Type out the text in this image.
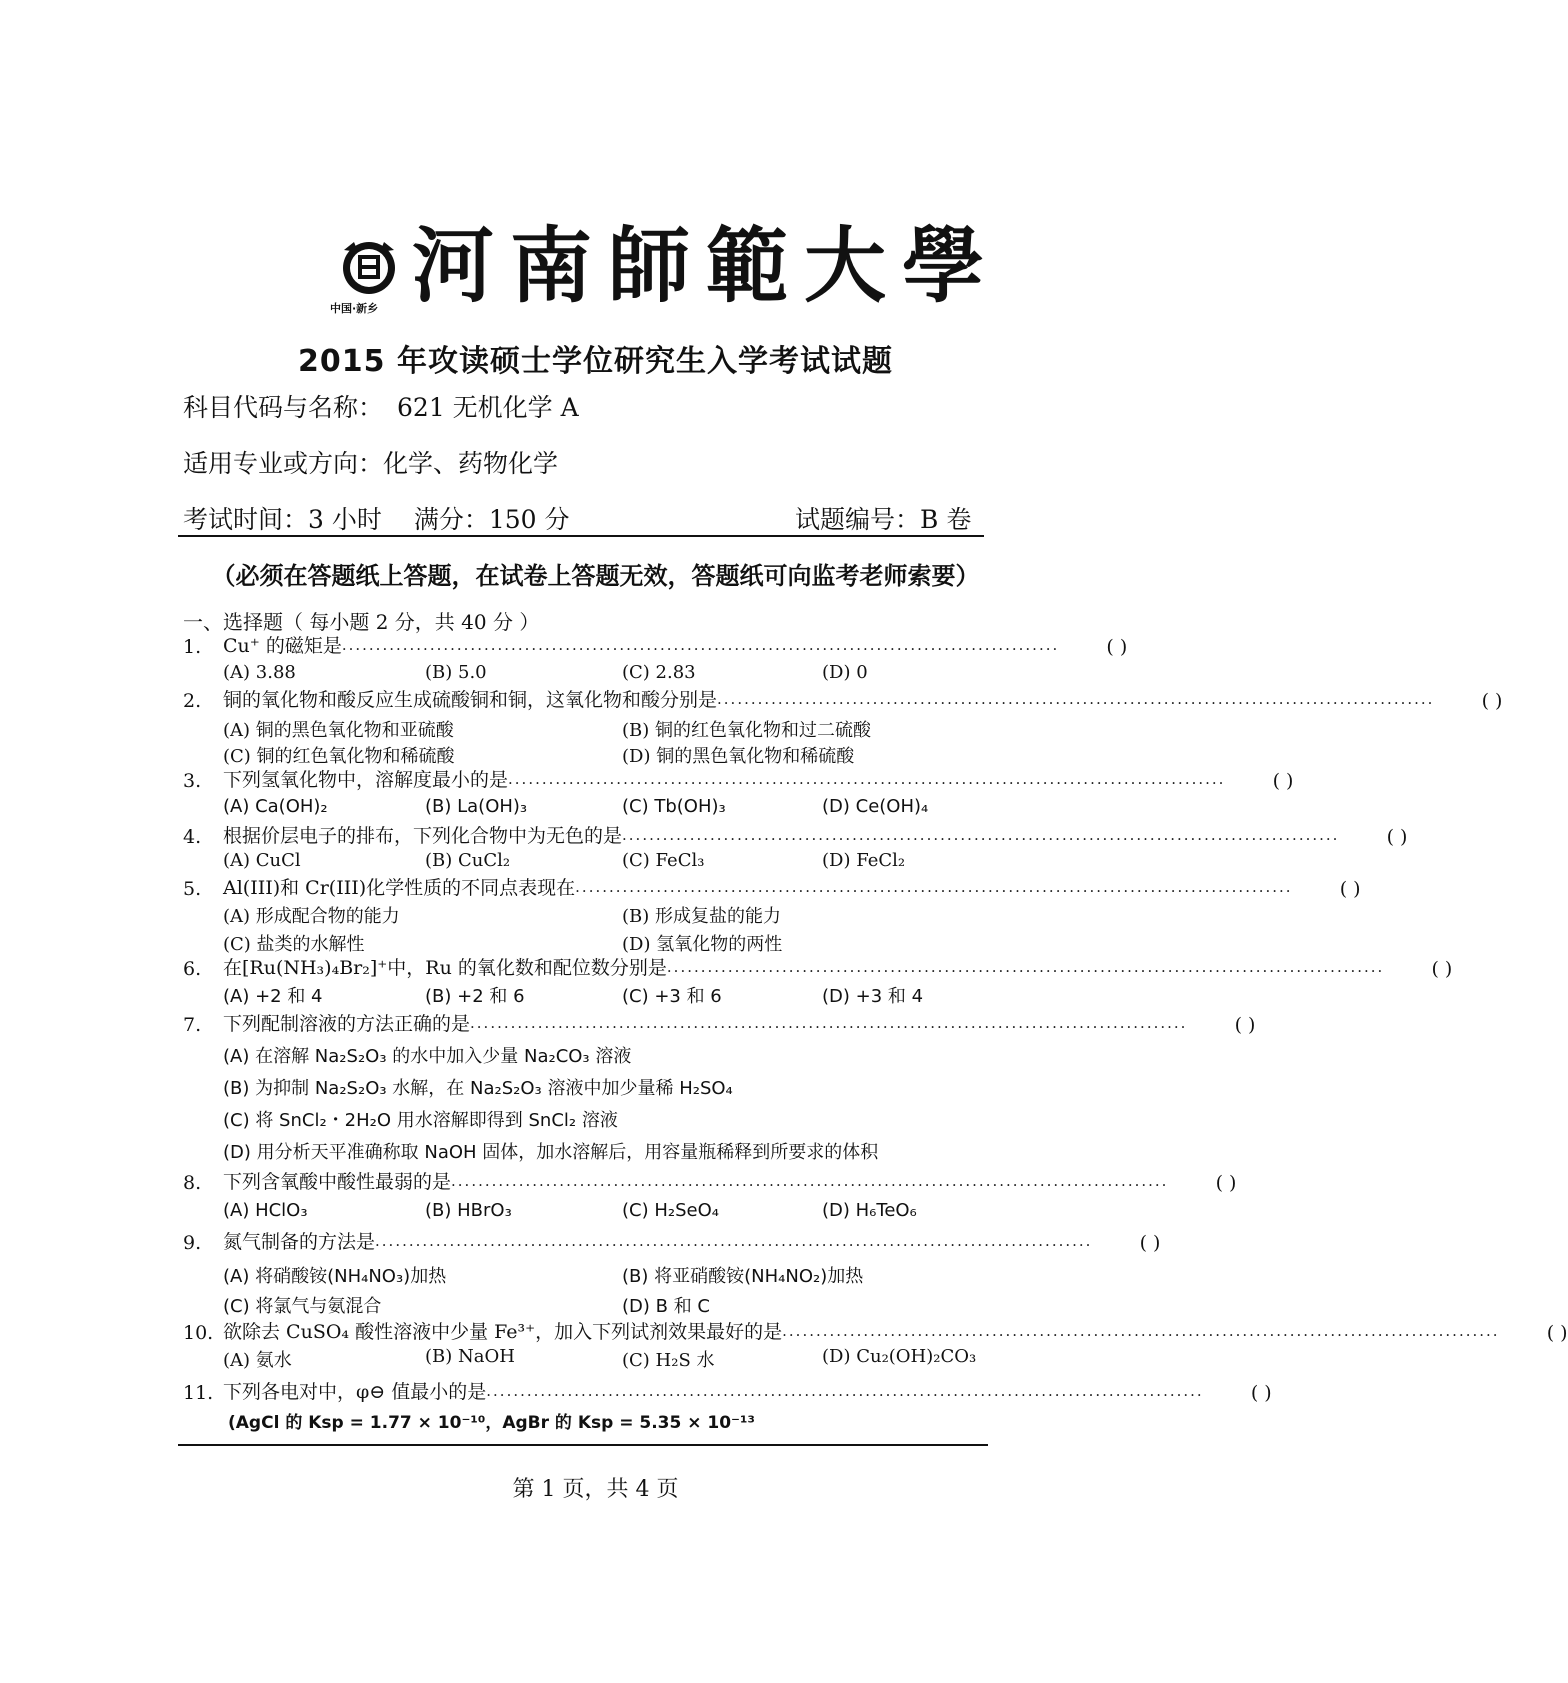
中国·新乡 河南師範大學
2015 年攻读硕士学位研究生入学考试试题
科目代码与名称： 621 无机化学 A
适用专业或方向：化学、药物化学
考试时间：3 小时 满分：150 分	试题编号：B 卷
（必须在答题纸上答题，在试卷上答题无效，答题纸可向监考老师索要）
一、选择题（ 每小题 2 分，共 40 分 ）
1.	Cu⁺ 的磁矩是 ··········································································································	( )
(A) 3.88	(B) 5.0	(C) 2.83	(D) 0
2.	铜的氧化物和酸反应生成硫酸铜和铜，这氧化物和酸分别是 ··········································································································	( )
(A) 铜的黑色氧化物和亚硫酸	(B) 铜的红色氧化物和过二硫酸
(C) 铜的红色氧化物和稀硫酸	(D) 铜的黑色氧化物和稀硫酸
3.	下列氢氧化物中，溶解度最小的是 ··········································································································	( )
(A) Ca(OH)₂	(B) La(OH)₃	(C) Tb(OH)₃	(D) Ce(OH)₄
4.	根据价层电子的排布，下列化合物中为无色的是 ··········································································································	( )
(A) CuCl	(B) CuCl₂	(C) FeCl₃	(D) FeCl₂
5.	Al(III)和 Cr(III)化学性质的不同点表现在 ··········································································································	( )
(A) 形成配合物的能力	(B) 形成复盐的能力
(C) 盐类的水解性	(D) 氢氧化物的两性
6.	在[Ru(NH₃)₄Br₂]⁺中，Ru 的氧化数和配位数分别是 ··········································································································	( )
(A) +2 和 4	(B) +2 和 6	(C) +3 和 6	(D) +3 和 4
7.	下列配制溶液的方法正确的是 ··········································································································	( )
(A) 在溶解 Na₂S₂O₃ 的水中加入少量 Na₂CO₃ 溶液
(B) 为抑制 Na₂S₂O₃ 水解，在 Na₂S₂O₃ 溶液中加少量稀 H₂SO₄
(C) 将 SnCl₂・2H₂O 用水溶解即得到 SnCl₂ 溶液
(D) 用分析天平准确称取 NaOH 固体，加水溶解后，用容量瓶稀释到所要求的体积
8.	下列含氧酸中酸性最弱的是 ··········································································································	( )
(A) HClO₃	(B) HBrO₃	(C) H₂SeO₄	(D) H₆TeO₆
9.	氮气制备的方法是 ··········································································································	( )
(A) 将硝酸铵(NH₄NO₃)加热	(B) 将亚硝酸铵(NH₄NO₂)加热
(C) 将氯气与氨混合	(D) B 和 C
10. 欲除去 CuSO₄ 酸性溶液中少量 Fe³⁺，加入下列试剂效果最好的是 ··········································································································	( )
(A) 氨水	(B) NaOH	(C) H₂S 水	(D) Cu₂(OH)₂CO₃
11. 下列各电对中，φ⊖ 值最小的是 ··········································································································	( )
(AgCl 的 Ksp = 1.77 × 10⁻¹⁰，AgBr 的 Ksp = 5.35 × 10⁻¹³
第 1 页，共 4 页
